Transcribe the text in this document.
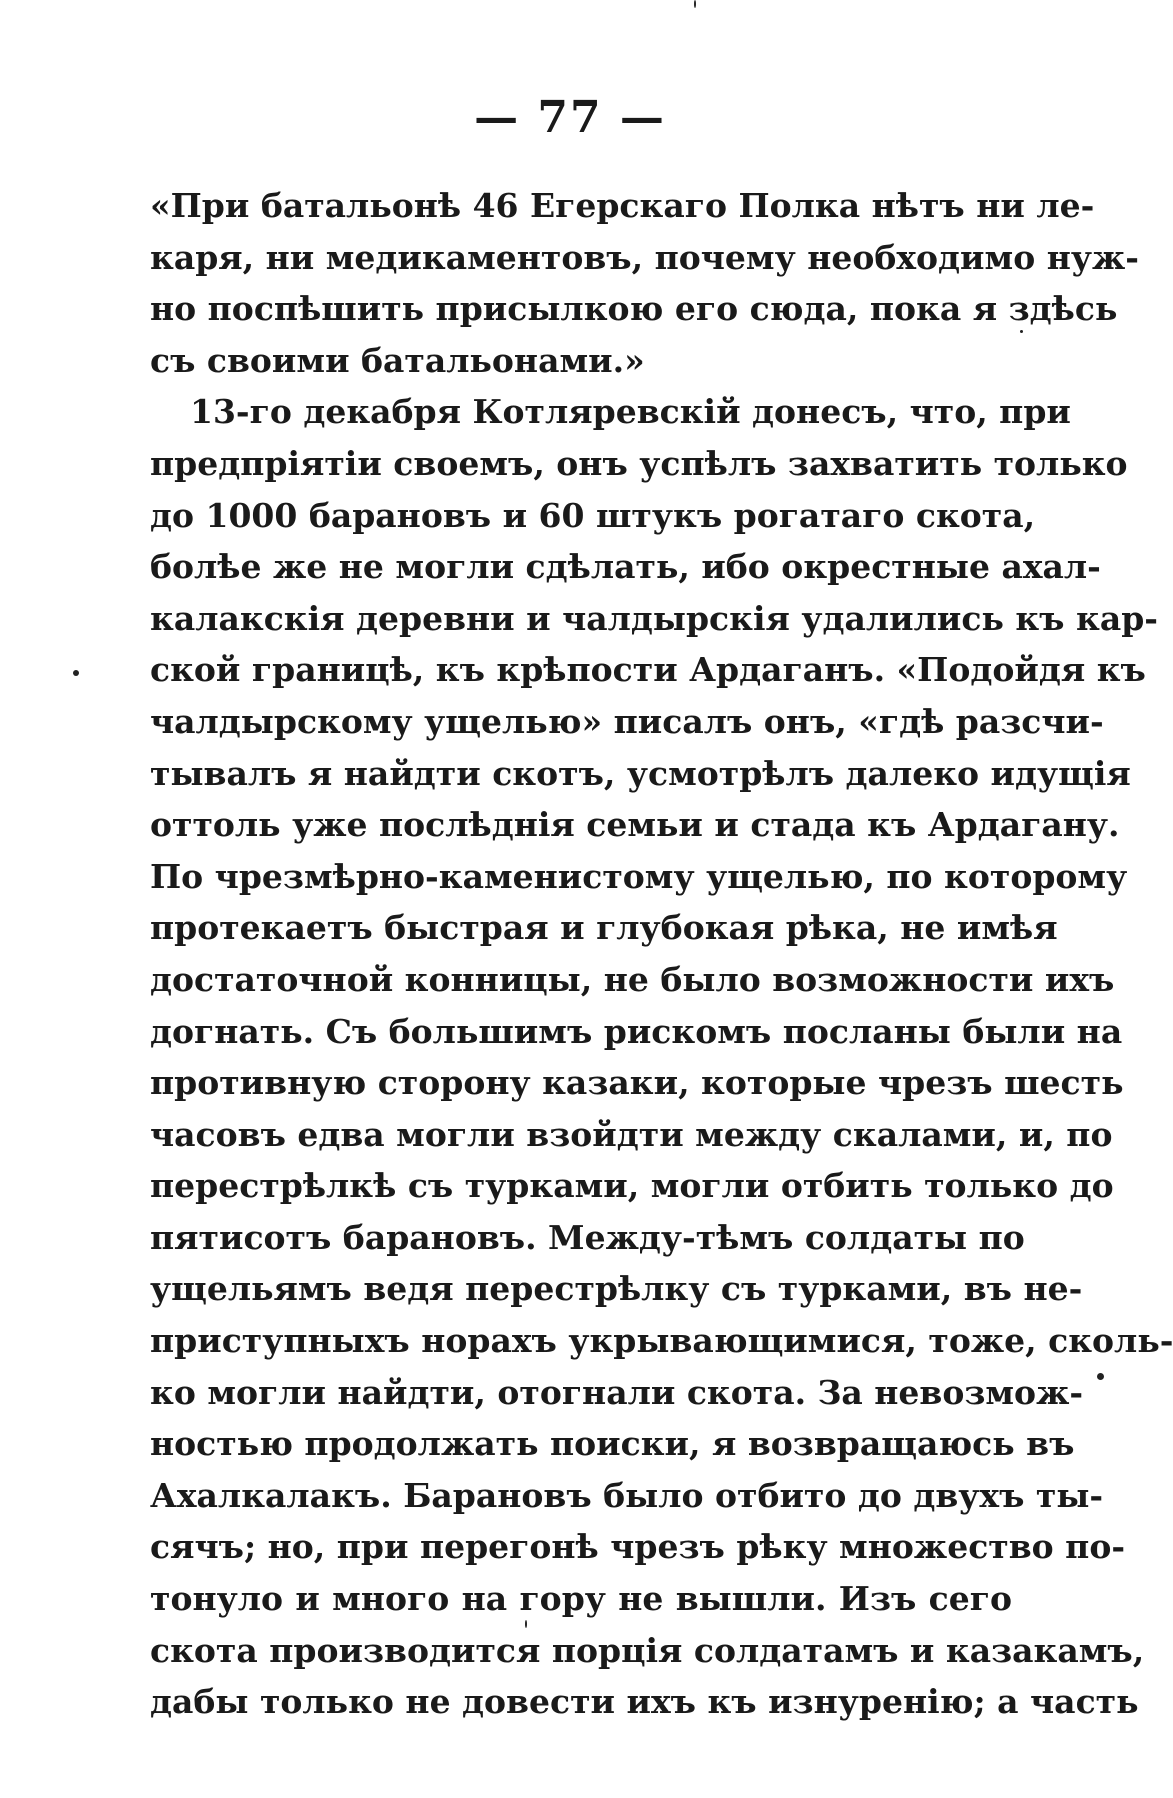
— 77 —
«При батальонѣ 46 Егерскаго Полка нѣтъ ни ле-
каря, ни медикаментовъ, почему необходимо нуж-
но поспѣшить присылкою его сюда, пока я здѣсь
съ своими батальонами.»
13-го декабря Котляревскій донесъ, что, при
предпріятіи своемъ, онъ успѣлъ захватить только
до 1000 барановъ и 60 штукъ рогатаго скота,
болѣе же не могли сдѣлать, ибо окрестные ахал-
калакскія деревни и чалдырскія удалились къ кар-
ской границѣ, къ крѣпости Ардаганъ. «Подойдя къ
чалдырскому ущелью» писалъ онъ, «гдѣ разсчи-
тывалъ я найдти скотъ, усмотрѣлъ далеко идущія
оттоль уже послѣднія семьи и стада къ Ардагану.
По чрезмѣрно-каменистому ущелью, по которому
протекаетъ быстрая и глубокая рѣка, не имѣя
достаточной конницы, не было возможности ихъ
догнать. Съ большимъ рискомъ посланы были на
противную сторону казаки, которые чрезъ шесть
часовъ едва могли взойдти между скалами, и, по
перестрѣлкѣ съ турками, могли отбить только до
пятисотъ барановъ. Между-тѣмъ солдаты по
ущельямъ ведя перестрѣлку съ турками, въ не-
приступныхъ норахъ укрывающимися, тоже, сколь-
ко могли найдти, отогнали скота. За невозмож-
ностью продолжать поиски, я возвращаюсь въ
Ахалкалакъ. Барановъ было отбито до двухъ ты-
сячъ; но, при перегонѣ чрезъ рѣку множество по-
тонуло и много на гору не вышли. Изъ сего
скота производится порція солдатамъ и казакамъ,
дабы только не довести ихъ къ изнуренію; а часть
